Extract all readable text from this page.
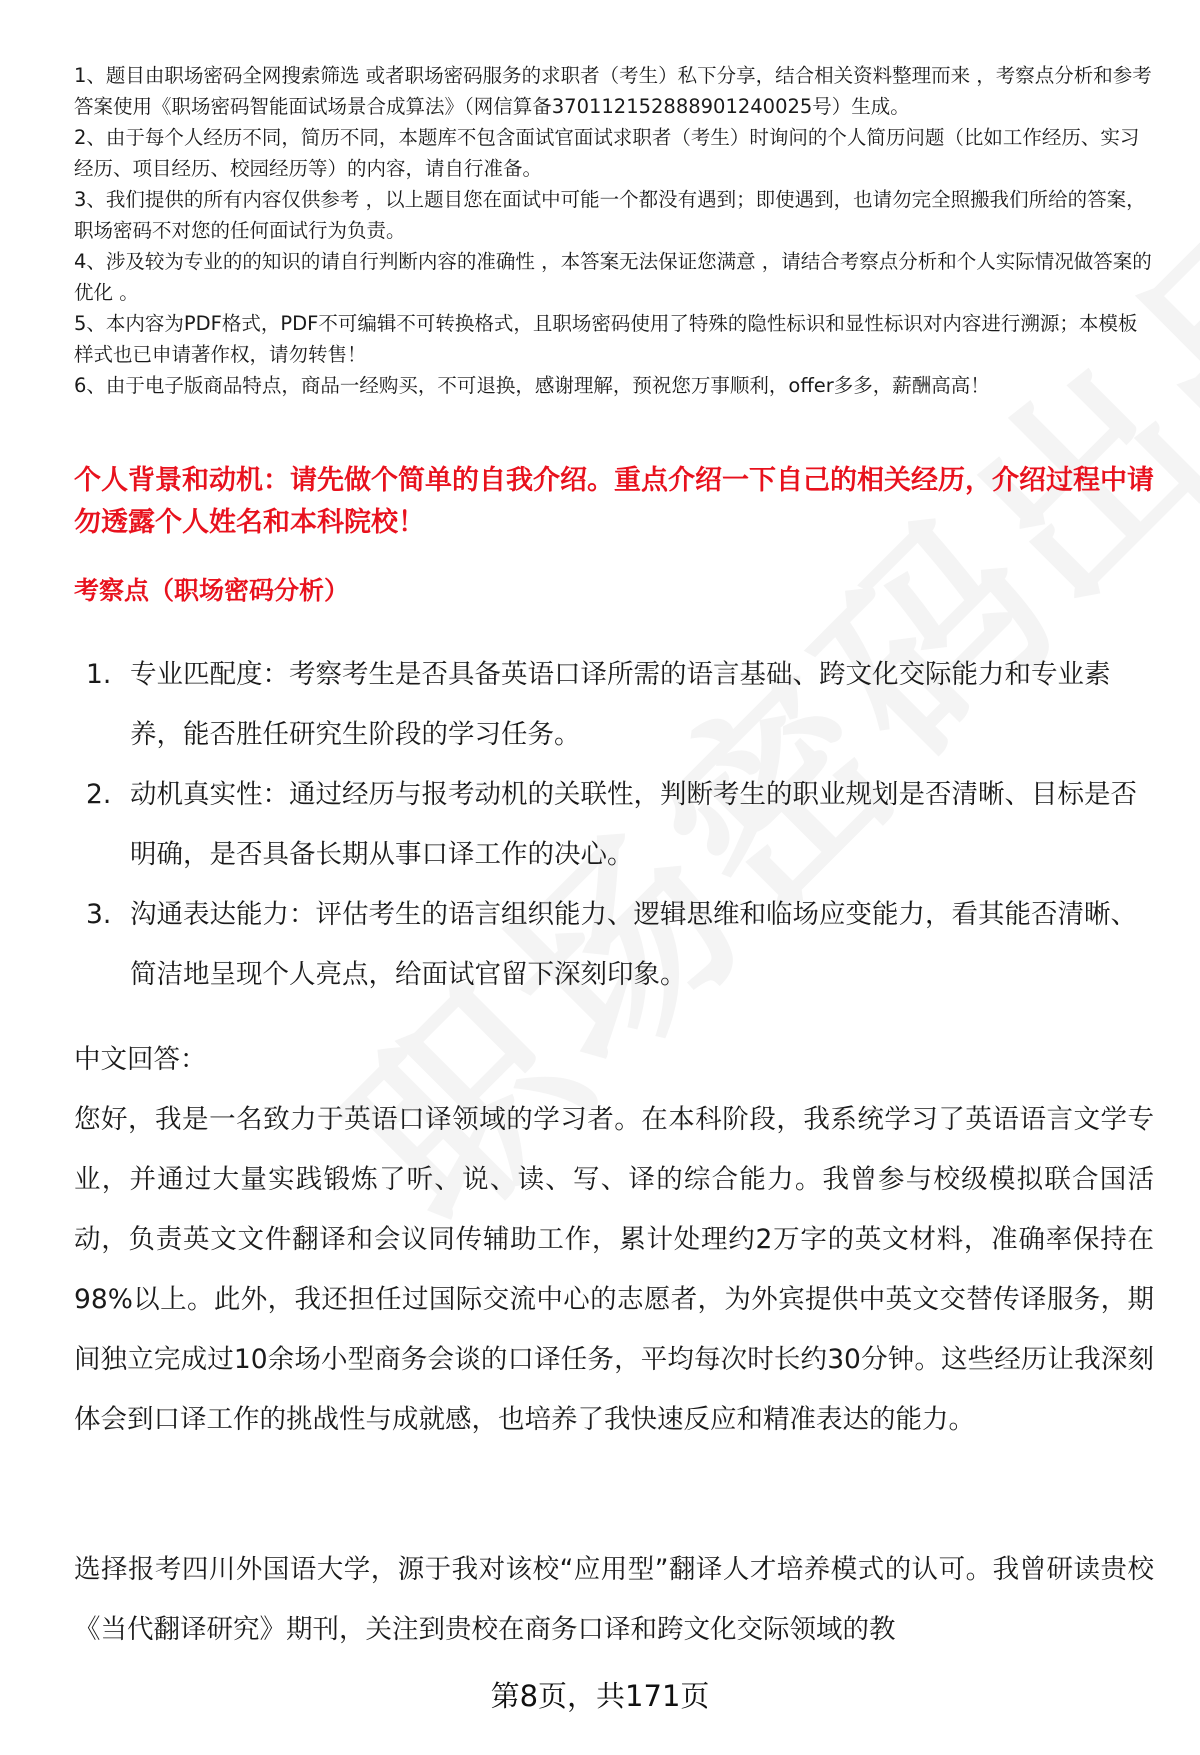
1、题目由职场密码全网搜索筛选 或者职场密码服务的求职者（考生）私下分享，结合相关资料整理而来 ，考察点分析和参考答案使用《职场密码智能面试场景合成算法》（网信算备370112152888901240025号）生成。

2、由于每个人经历不同，简历不同，本题库不包含面试官面试求职者（考生）时询问的个人简历问题（比如工作经历、实习经历、项目经历、校园经历等）的内容，请自行准备。

3、我们提供的所有内容仅供参考 ，以上题目您在面试中可能一个都没有遇到；即使遇到，也请勿完全照搬我们所给的答案，职场密码不对您的任何面试行为负责。

4、涉及较为专业的的知识的请自行判断内容的准确性 ，本答案无法保证您满意 ，请结合考察点分析和个人实际情况做答案的优化 。

5、本内容为PDF格式，PDF不可编辑不可转换格式，且职场密码使用了特殊的隐性标识和显性标识对内容进行溯源；本模板样式也已申请著作权，请勿转售！

6、由于电子版商品特点，商品一经购买，不可退换，感谢理解，预祝您万事顺利，offer多多，薪酬高高！

个人背景和动机：请先做个简单的自我介绍。重点介绍一下自己的相关经历，介绍过程中请勿透露个人姓名和本科院校！
考察点（职场密码分析）
1. 专业匹配度：考察考生是否具备英语口译所需的语言基础、跨文化交际能力和专业素养，能否胜任研究生阶段的学习任务。
2. 动机真实性：通过经历与报考动机的关联性，判断考生的职业规划是否清晰、目标是否明确，是否具备长期从事口译工作的决心。
3. 沟通表达能力：评估考生的语言组织能力、逻辑思维和临场应变能力，看其能否清晰、简洁地呈现个人亮点，给面试官留下深刻印象。
中文回答：

您好，我是一名致力于英语口译领域的学习者。在本科阶段，我系统学习了英语语言文学专业，并通过大量实践锻炼了听、说、读、写、译的综合能力。我曾参与校级模拟联合国活动，负责英文文件翻译和会议同传辅助工作，累计处理约2万字的英文材料，准确率保持在98%以上。此外，我还担任过国际交流中心的志愿者，为外宾提供中英文交替传译服务，期间独立完成过10余场小型商务会谈的口译任务，平均每次时长约30分钟。这些经历让我深刻体会到口译工作的挑战性与成就感，也培养了我快速反应和精准表达的能力。

选择报考四川外国语大学，源于我对该校“应用型”翻译人才培养模式的认可。我曾研读贵校《当代翻译研究》期刊，关注到贵校在商务口译和跨文化交际领域的教

第8页，共171页
